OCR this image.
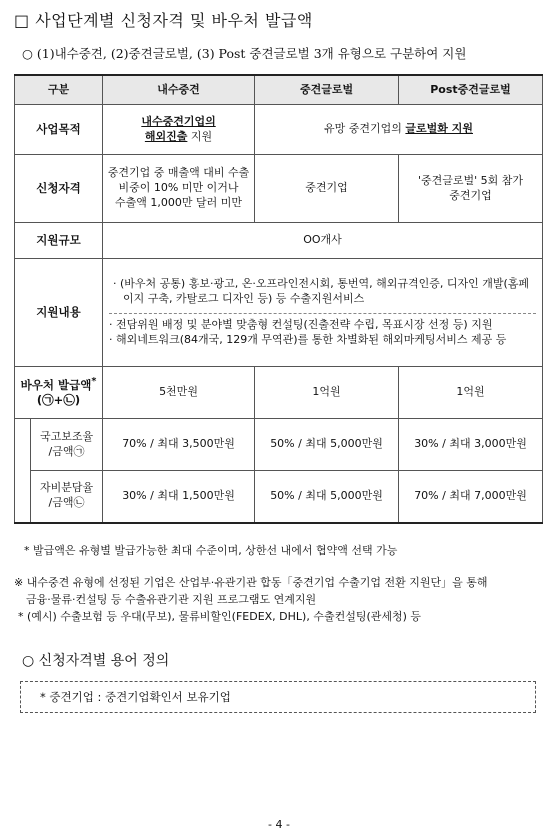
□ 사업단계별 신청자격 및 바우처 발급액
○ (1)내수중견, (2)중견글로벌, (3) Post 중견글로벌 3개 유형으로 구분하여 지원
구분		내수중견	중견글로벌	Post중견글로벌
사업목적		내수중견기업의
해외진출 지원	유망 중견기업의 글로벌화 지원	
신청자격		중견기업 중 매출액 대비 수출
비중이 10% 미만 이거나
수출액 1,000만 달러 미만	중견기업	'중견글로벌' 5회 참가
중견기업

지원규모		OO개사		
지원내용		· (바우처 공통) 홍보·광고, 온·오프라인전시회, 통번역, 해외규격인증, 디자인 개발(홈페이지 구축, 카탈로그 디자인 등) 등 수출지원서비스
· 전담위원 배정 및 분야별 맞춤형 컨설팅(진출전략 수립, 목표시장 선정 등) 지원
· 해외네트워크(84개국, 129개 무역관)를 통한 차별화된 해외마케팅서비스 제공 등		

바우처 발급액*
(㉠+㉡)		5천만원	1억원	1억원

	국고보조율
/금액㉠	70% / 최대 3,500만원	50% / 최대 5,000만원	30% / 최대 3,000만원

	자비분담율
/금액㉡	30% / 최대 1,500만원	50% / 최대 5,000만원	70% / 최대 7,000만원
* 발급액은 유형별 발급가능한 최대 수준이며, 상한선 내에서 협약액 선택 가능
※ 내수중견 유형에 선정된 기업은 산업부·유관기관 합동「중견기업 수출기업 전환 지원단」을 통해
금융·물류·컨설팅 등 수출유관기관 지원 프로그램도 연계지원
* (예시) 수출보험 등 우대(무보), 물류비할인(FEDEX, DHL), 수출컨설팅(관세청) 등
○ 신청자격별 용어 정의
* 중견기업 : 중견기업확인서 보유기업
- 4 -
